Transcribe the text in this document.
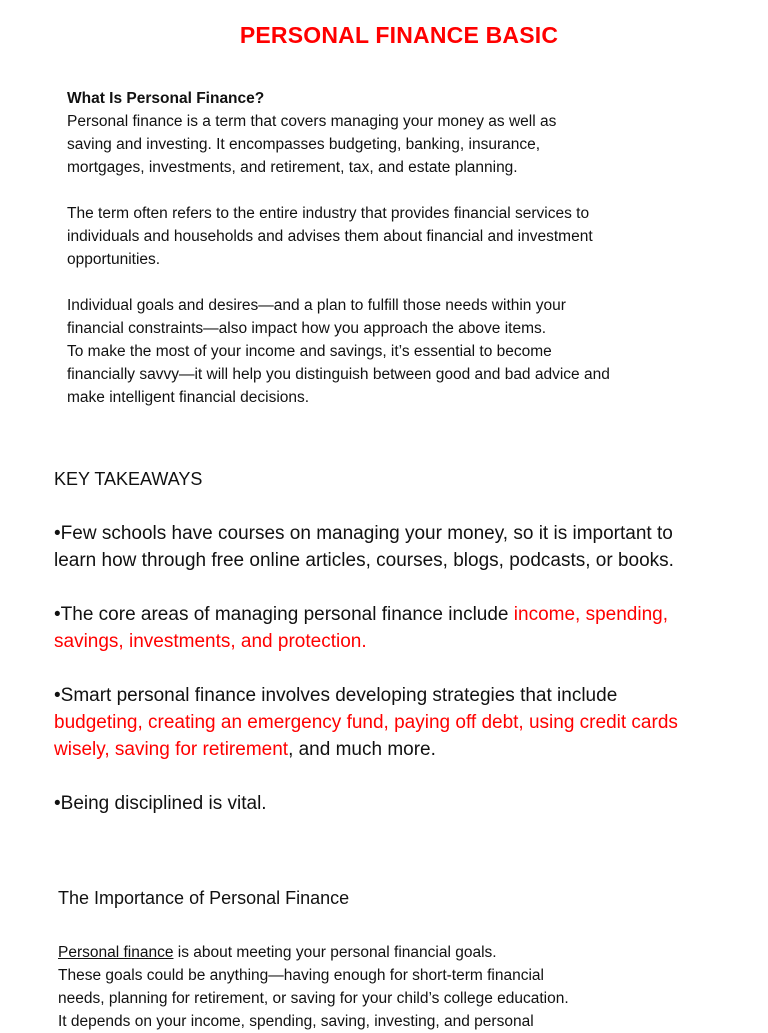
PERSONAL FINANCE BASIC

What Is Personal Finance?

Personal finance is a term that covers managing your money as well as

saving and investing. It encompasses budgeting, banking, insurance,

mortgages, investments, and retirement, tax, and estate planning.

The term often refers to the entire industry that provides financial services to

individuals and households and advises them about financial and investment

opportunities.

Individual goals and desires—and a plan to fulfill those needs within your

financial constraints—also impact how you approach the above items.

To make the most of your income and savings, it’s essential to become

financially savvy—it will help you distinguish between good and bad advice and

make intelligent financial decisions.

KEY TAKEAWAYS

•Few schools have courses on managing your money, so it is important to
learn how through free online articles, courses, blogs, podcasts, or books.

•The core areas of managing personal finance include income, spending,
savings, investments, and protection.

•Smart personal finance involves developing strategies that include
budgeting, creating an emergency fund, paying off debt, using credit cards
wisely, saving for retirement, and much more.

•Being disciplined is vital.

The Importance of Personal Finance

Personal finance is about meeting your personal financial goals.

These goals could be anything—having enough for short-term financial

needs, planning for retirement, or saving for your child’s college education.

It depends on your income, spending, saving, investing, and personal
